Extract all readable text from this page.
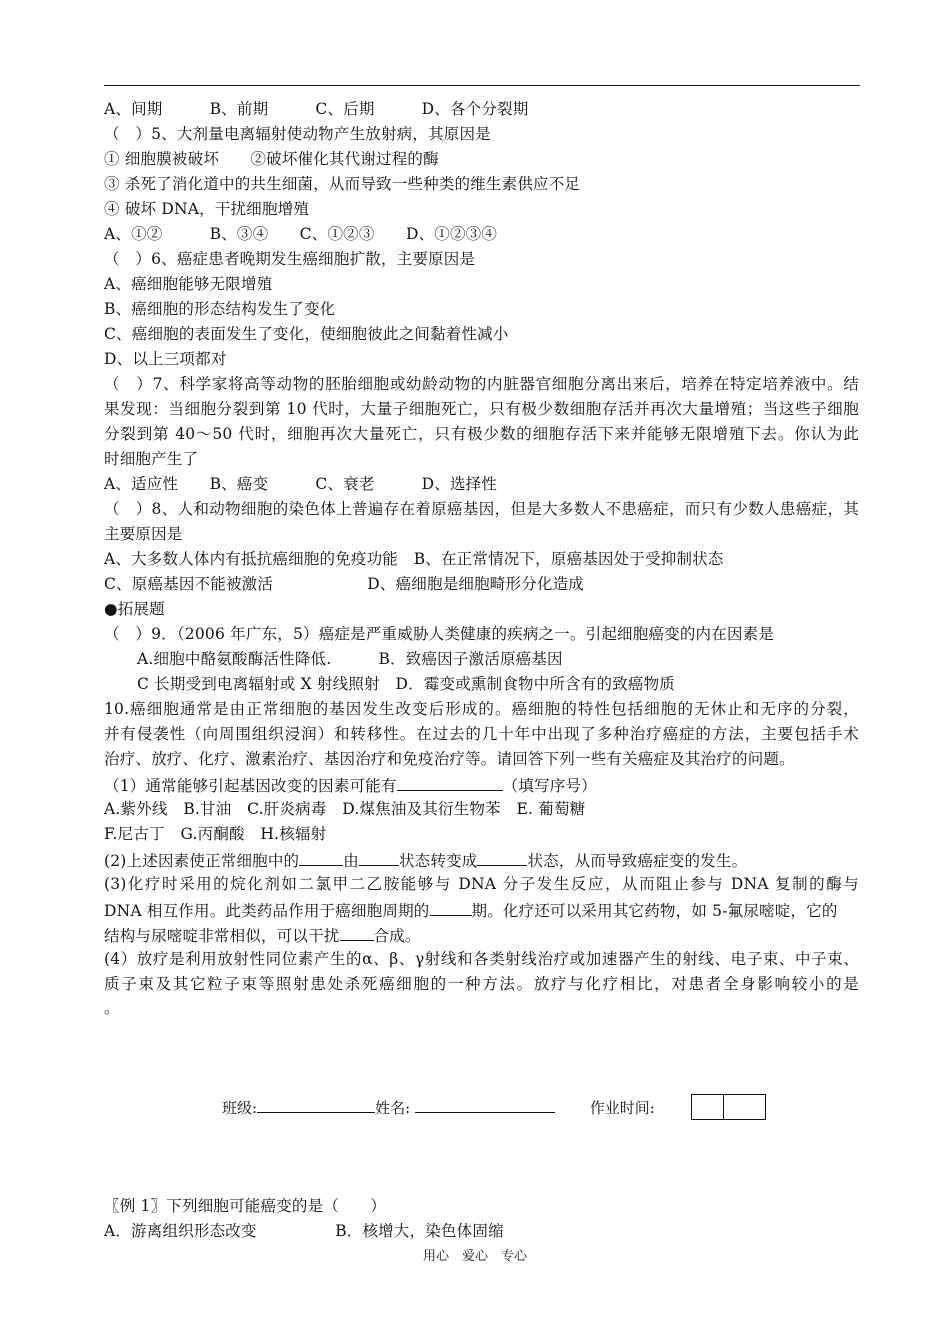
A、间期　　　B、前期　　　C、后期　　　D、各个分裂期
（　）5、大剂量电离辐射使动物产生放射病，其原因是
① 细胞膜被破坏　　②破坏催化其代谢过程的酶
③ 杀死了消化道中的共生细菌，从而导致一些种类的维生素供应不足
④ 破坏 DNA，干扰细胞增殖
A、①②　　　B、③④　　C、①②③　　D、①②③④
（　）6、癌症患者晚期发生癌细胞扩散，主要原因是
A、癌细胞能够无限增殖
B、癌细胞的形态结构发生了变化
C、癌细胞的表面发生了变化，使细胞彼此之间黏着性减小
D、以上三项都对
（　）7、科学家将高等动物的胚胎细胞或幼龄动物的内脏器官细胞分离出来后，培养在特定培养液中。结
果发现：当细胞分裂到第 10 代时，大量子细胞死亡，只有极少数细胞存活并再次大量增殖；当这些子细胞
分裂到第 40～50 代时，细胞再次大量死亡，只有极少数的细胞存活下来并能够无限增殖下去。你认为此
时细胞产生了
A、适应性　　B、癌变　　　C、衰老　　　D、选择性
（　）8、人和动物细胞的染色体上普遍存在着原癌基因，但是大多数人不患癌症，而只有少数人患癌症，其
主要原因是
A、大多数人体内有抵抗癌细胞的免疫功能　B、在正常情况下，原癌基因处于受抑制状态
C、原癌基因不能被激活　　　　　　D、癌细胞是细胞畸形分化造成
●拓展题
（　）9．（2006 年广东，5）癌症是严重威胁人类健康的疾病之一。引起细胞癌变的内在因素是
A.细胞中酪氨酸酶活性降低.　　　B．致癌因子激活原癌基因
C 长期受到电离辐射或 X 射线照射　D．霉变或熏制食物中所含有的致癌物质
10.癌细胞通常是由正常细胞的基因发生改变后形成的。癌细胞的特性包括细胞的无休止和无序的分裂，
并有侵袭性（向周围组织浸润）和转移性。在过去的几十年中出现了多种治疗癌症的方法，主要包括手术
治疗、放疗、化疗、激素治疗、基因治疗和免疫治疗等。请回答下列一些有关癌症及其治疗的问题。
（1）通常能够引起基因改变的因素可能有	（填写序号）
A.紫外线　B.甘油　C.肝炎病毒　D.煤焦油及其衍生物苯　E. 葡萄糖
F.尼古丁　G.丙酮酸　H.核辐射
(2)上述因素使正常细胞中的	由	状态转变成	状态，从而导致癌症变的发生。
(3)化疗时采用的烷化剂如二氯甲二乙胺能够与 DNA 分子发生反应，从而阻止参与 DNA 复制的酶与
DNA 相互作用。此类药品作用于癌细胞周期的	期。化疗还可以采用其它药物，如 5-氟尿嘧啶，它的
结构与尿嘧啶非常相似，可以干扰 合成。
(4）放疗是利用放射性同位素产生的α、β、γ射线和各类射线治疗或加速器产生的射线、电子束、中子束、
质子束及其它粒子束等照射患处杀死癌细胞的一种方法。放疗与化疗相比，对患者全身影响较小的是
。
班级:	姓名: 　　	作业时间:
〖例 1〗下列细胞可能癌变的是（　　）
A．游离组织形态改变　　　　　B．核增大，染色体固缩
用心　爱心　专心
